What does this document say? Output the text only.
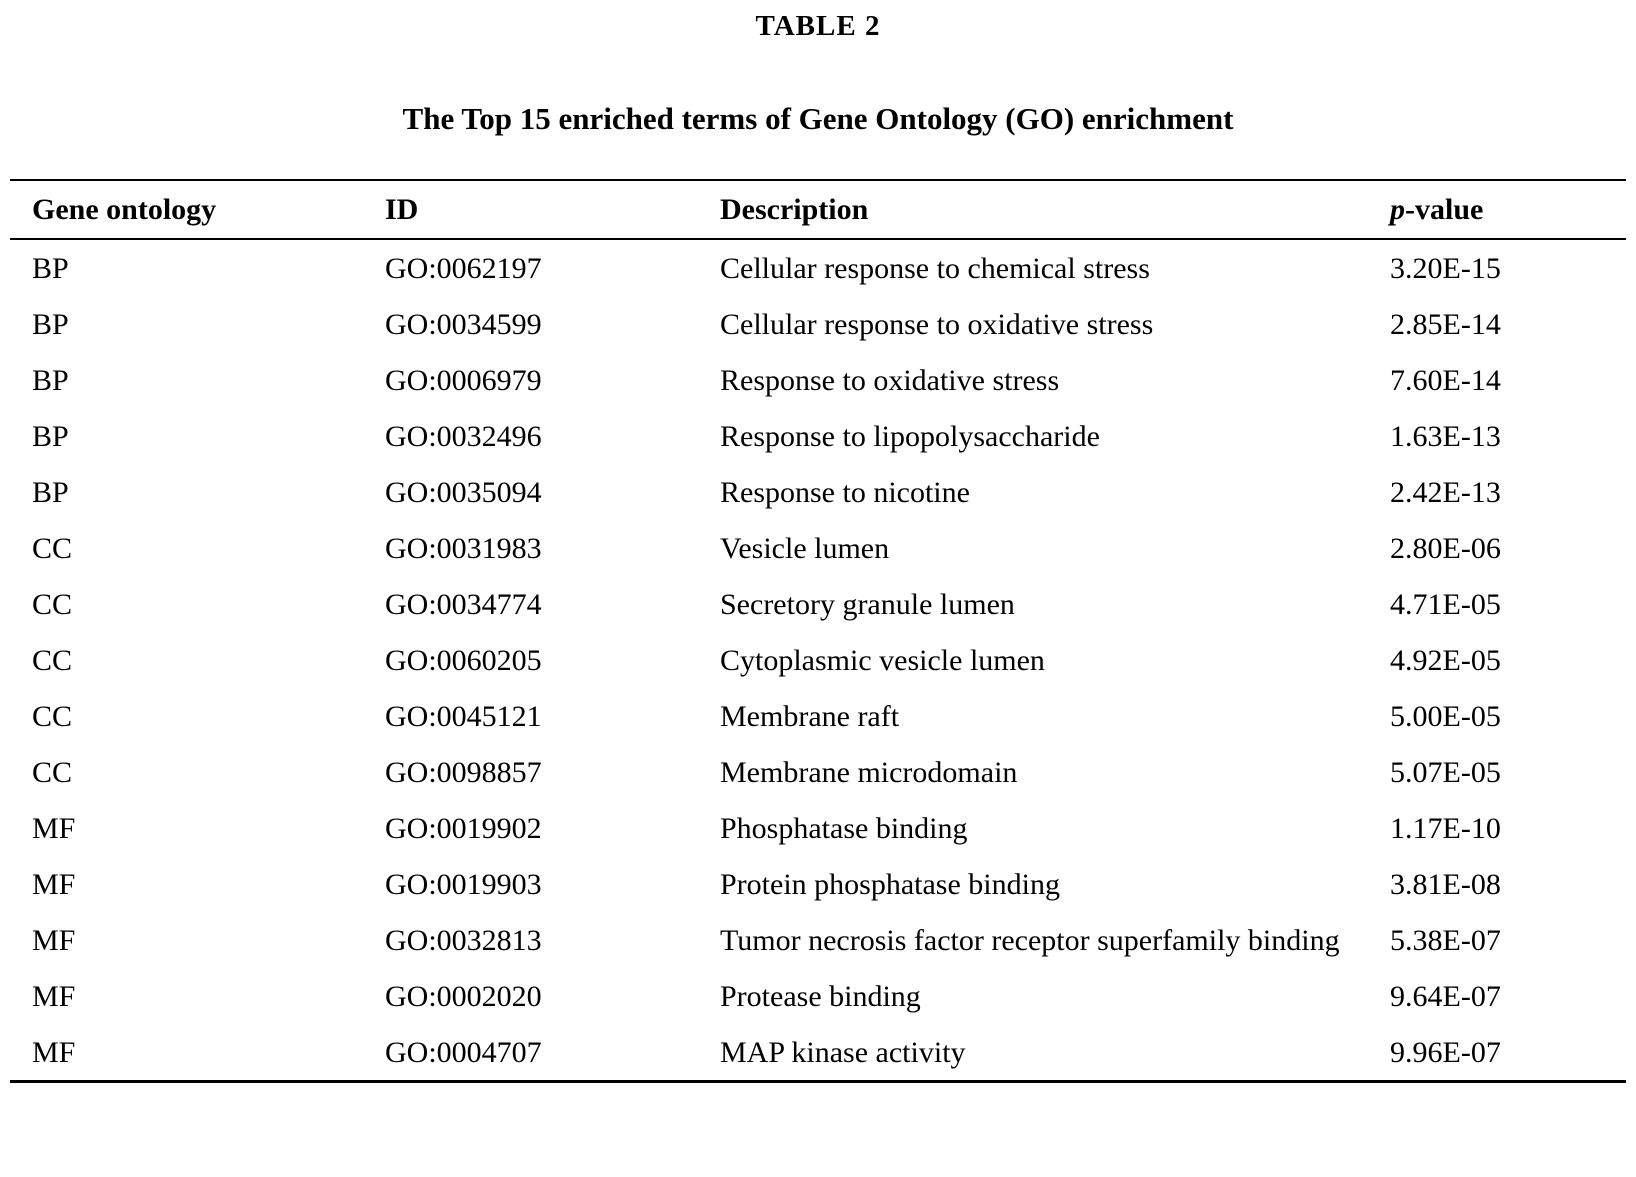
TABLE 2
The Top 15 enriched terms of Gene Ontology (GO) enrichment
Gene ontology	ID	Description	p-value
BP	GO:0062197	Cellular response to chemical stress	3.20E-15
BP	GO:0034599	Cellular response to oxidative stress	2.85E-14
BP	GO:0006979	Response to oxidative stress	7.60E-14
BP	GO:0032496	Response to lipopolysaccharide	1.63E-13
BP	GO:0035094	Response to nicotine	2.42E-13
CC	GO:0031983	Vesicle lumen	2.80E-06
CC	GO:0034774	Secretory granule lumen	4.71E-05
CC	GO:0060205	Cytoplasmic vesicle lumen	4.92E-05
CC	GO:0045121	Membrane raft	5.00E-05
CC	GO:0098857	Membrane microdomain	5.07E-05
MF	GO:0019902	Phosphatase binding	1.17E-10
MF	GO:0019903	Protein phosphatase binding	3.81E-08
MF	GO:0032813	Tumor necrosis factor receptor superfamily binding	5.38E-07
MF	GO:0002020	Protease binding	9.64E-07
MF	GO:0004707	MAP kinase activity	9.96E-07
